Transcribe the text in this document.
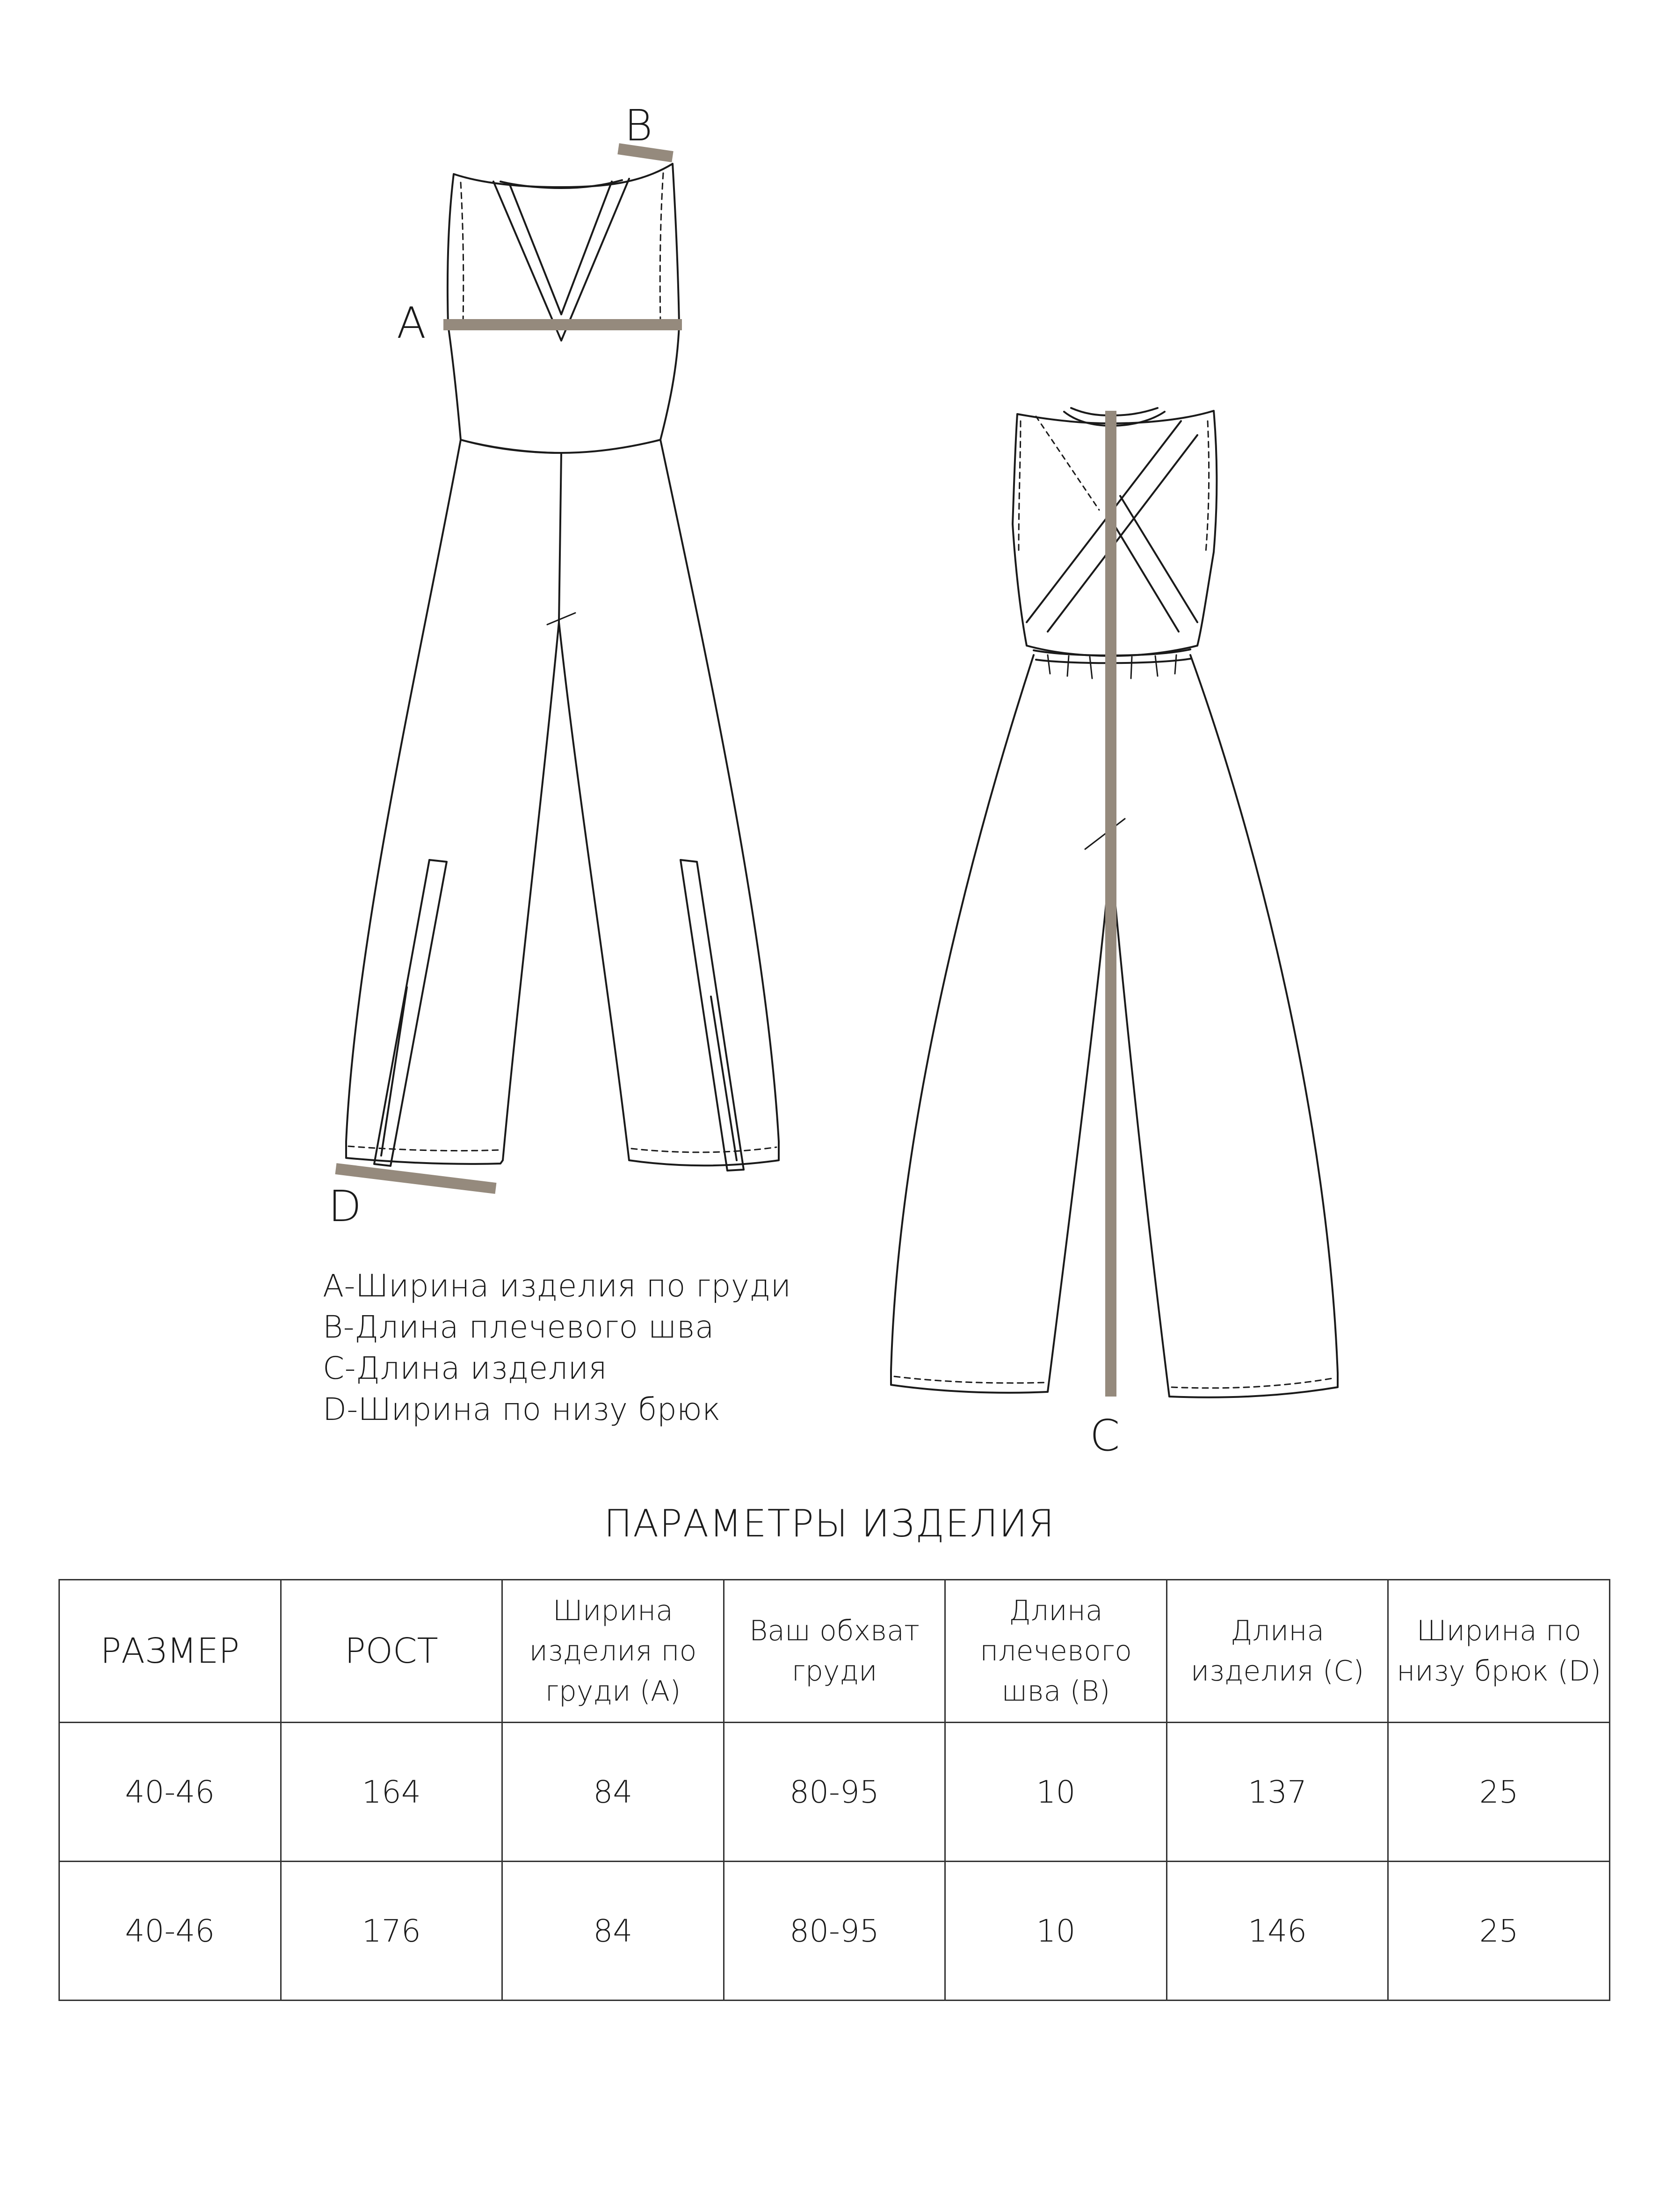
A
B
D
C
А-Ширина изделия по груди
В-Длина плечевого шва
С-Длина изделия
D-Ширина по низу брюк
ПАРАМЕТРЫ ИЗДЕЛИЯ
РАЗМЕР	РОСТ	Ширина изделия по груди (А)	Ваш обхват груди	Длина плечевого шва (В)	Длина изделия (С)	Ширина по низу брюк (D)
40-46	164	84	80-95	10	137	25
40-46	176	84	80-95	10	146	25
